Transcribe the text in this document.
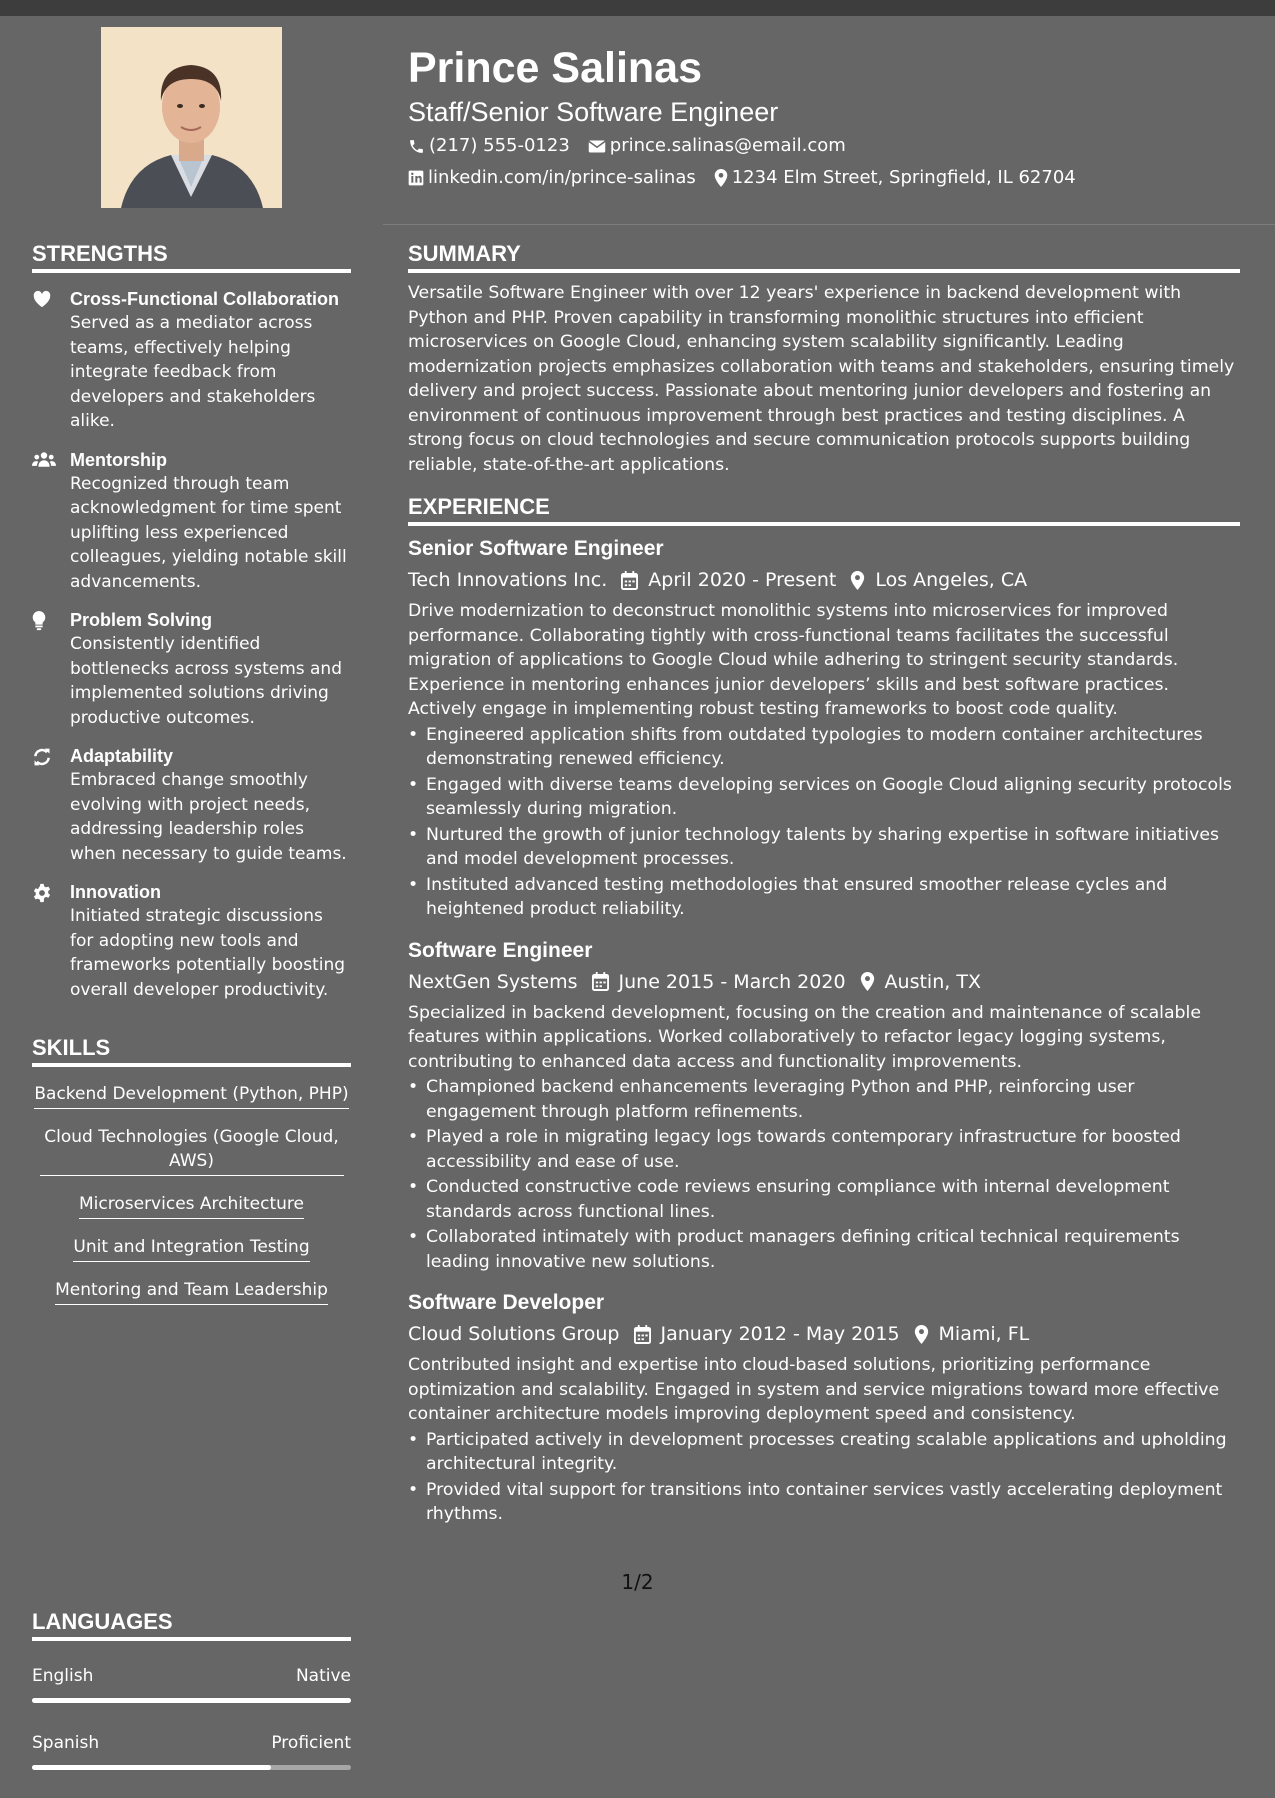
Prince Salinas
Staff/Senior Software Engineer
(217) 555-0123 prince.salinas@email.com
linkedin.com/in/prince-salinas 1234 Elm Street, Springfield, IL 62704
STRENGTHS
Cross-Functional Collaboration
Served as a mediator across teams, effectively helping integrate feedback from developers and stakeholders alike.
Mentorship
Recognized through team acknowledgment for time spent uplifting less experienced colleagues, yielding notable skill advancements.
Problem Solving
Consistently identified bottlenecks across systems and implemented solutions driving productive outcomes.
Adaptability
Embraced change smoothly evolving with project needs, addressing leadership roles when necessary to guide teams.
Innovation
Initiated strategic discussions for adopting new tools and frameworks potentially boosting overall developer productivity.
SKILLS
Backend Development (Python, PHP)
Cloud Technologies (Google Cloud, AWS)
Microservices Architecture
Unit and Integration Testing
Mentoring and Team Leadership
LANGUAGES
English	Native
Spanish	Proficient
SUMMARY
Versatile Software Engineer with over 12 years' experience in backend development with Python and PHP. Proven capability in transforming monolithic structures into efficient microservices on Google Cloud, enhancing system scalability significantly. Leading modernization projects emphasizes collaboration with teams and stakeholders, ensuring timely delivery and project success. Passionate about mentoring junior developers and fostering an environment of continuous improvement through best practices and testing disciplines. A strong focus on cloud technologies and secure communication protocols supports building reliable, state-of-the-art applications.
EXPERIENCE
Senior Software Engineer
Tech Innovations Inc. April 2020 - Present Los Angeles, CA
Drive modernization to deconstruct monolithic systems into microservices for improved performance. Collaborating tightly with cross-functional teams facilitates the successful migration of applications to Google Cloud while adhering to stringent security standards. Experience in mentoring enhances junior developers’ skills and best software practices. Actively engage in implementing robust testing frameworks to boost code quality.
• Engineered application shifts from outdated typologies to modern container architectures demonstrating renewed efficiency.
• Engaged with diverse teams developing services on Google Cloud aligning security protocols seamlessly during migration.
• Nurtured the growth of junior technology talents by sharing expertise in software initiatives and model development processes.
• Instituted advanced testing methodologies that ensured smoother release cycles and heightened product reliability.
Software Engineer
NextGen Systems June 2015 - March 2020 Austin, TX
Specialized in backend development, focusing on the creation and maintenance of scalable features within applications. Worked collaboratively to refactor legacy logging systems, contributing to enhanced data access and functionality improvements.
• Championed backend enhancements leveraging Python and PHP, reinforcing user engagement through platform refinements.
• Played a role in migrating legacy logs towards contemporary infrastructure for boosted accessibility and ease of use.
• Conducted constructive code reviews ensuring compliance with internal development standards across functional lines.
• Collaborated intimately with product managers defining critical technical requirements leading innovative new solutions.
Software Developer
Cloud Solutions Group January 2012 - May 2015 Miami, FL
Contributed insight and expertise into cloud-based solutions, prioritizing performance optimization and scalability. Engaged in system and service migrations toward more effective container architecture models improving deployment speed and consistency.
• Participated actively in development processes creating scalable applications and upholding architectural integrity.
• Provided vital support for transitions into container services vastly accelerating deployment rhythms.
1/2
